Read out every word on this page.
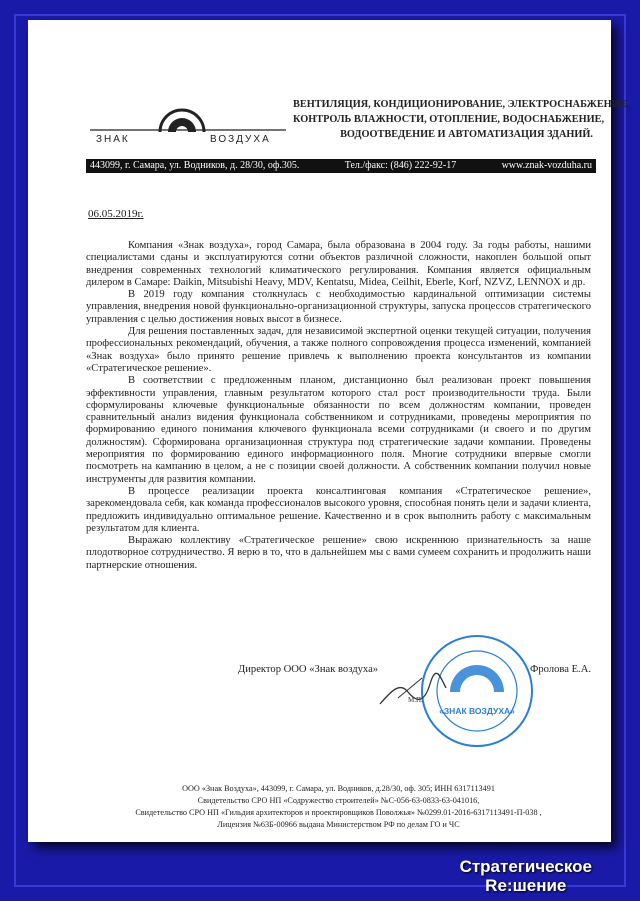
ЗНАК	ВОЗДУХА
ВЕНТИЛЯЦИЯ, КОНДИЦИОНИРОВАНИЕ, ЭЛЕКТРОСНАБЖЕНИЕ,
КОНТРОЛЬ ВЛАЖНОСТИ, ОТОПЛЕНИЕ, ВОДОСНАБЖЕНИЕ,
ВОДООТВЕДЕНИЕ И АВТОМАТИЗАЦИЯ ЗДАНИЙ.
443099, г. Самара, ул. Водников, д. 28/30, оф.305.	Тел./факс: (846) 222-92-17	www.znak-vozduha.ru
06.05.2019г.

Компания «Знак воздуха», город Самара, была образована в 2004 году. За годы работы, нашими специалистами сданы и эксплуатируются сотни объектов различной сложности, накоплен большой опыт внедрения современных технологий климатического регулирования. Компания является официальным дилером в Самаре: Daikin, Mitsubishi Heavy, MDV, Kentatsu, Midea, Ceilhit, Eberle, Korf, NZVZ, LENNOX и др.

В 2019 году компания столкнулась с необходимостью кардинальной оптимизации системы управления, внедрения новой функционально-организационной структуры, запуска процессов стратегического управления с целью достижения новых высот в бизнесе.

Для решения поставленных задач, для независимой экспертной оценки текущей ситуации, получения профессиональных рекомендаций, обучения, а также полного сопровождения процесса изменений, компанией «Знак воздуха» было принято решение привлечь к выполнению проекта консультантов из компании «Стратегическое решение».

В соответствии с предложенным планом, дистанционно был реализован проект повышения эффективности управления, главным результатом которого стал рост производительности труда. Были сформулированы ключевые функциональные обязанности по всем должностям компании, проведен сравнительный анализ видения функционала собственником и сотрудниками, проведены мероприятия по формированию единого понимания ключевого функционала всеми сотрудниками (и своего и по другим должностям). Сформирована организационная структура под стратегические задачи компании. Проведены мероприятия по формированию единого информационного поля. Многие сотрудники впервые смогли посмотреть на кампанию в целом, а не с позиции своей должности. А собственник компании получил новые инструменты для развития компании.

В процессе реализации проекта консалтинговая компания «Стратегическое решение», зарекомендовала себя, как команда профессионалов высокого уровня, способная понять цели и задачи клиента, предложить индивидуально оптимальное решение. Качественно и в срок выполнить работу с максимальным результатом для клиента.

Выражаю коллективу «Стратегическое решение» свою искреннюю признательность за наше плодотворное сотрудничество. Я верю в то, что в дальнейшем мы с вами сумеем сохранить и продолжить наши партнерские отношения.

«ЗНАК ВОЗДУХА»
М.П.
Директор ООО «Знак воздуха»	Фролова Е.А.
ООО «Знак Воздуха», 443099, г. Самара, ул. Водников, д.28/30, оф. 305; ИНН 6317113491
Свидетельство СРО НП «Содружество строителей» №С-056-63-0833-63-041016,
Свидетельство СРО НП «Гильдия архитекторов и проектировщиков Поволжья» №0299.01-2016-6317113491-П-038 ,
Лицензия №63Б-00966 выдана Министерством РФ по делам ГО и ЧС
Стратегическое
Re:шение
